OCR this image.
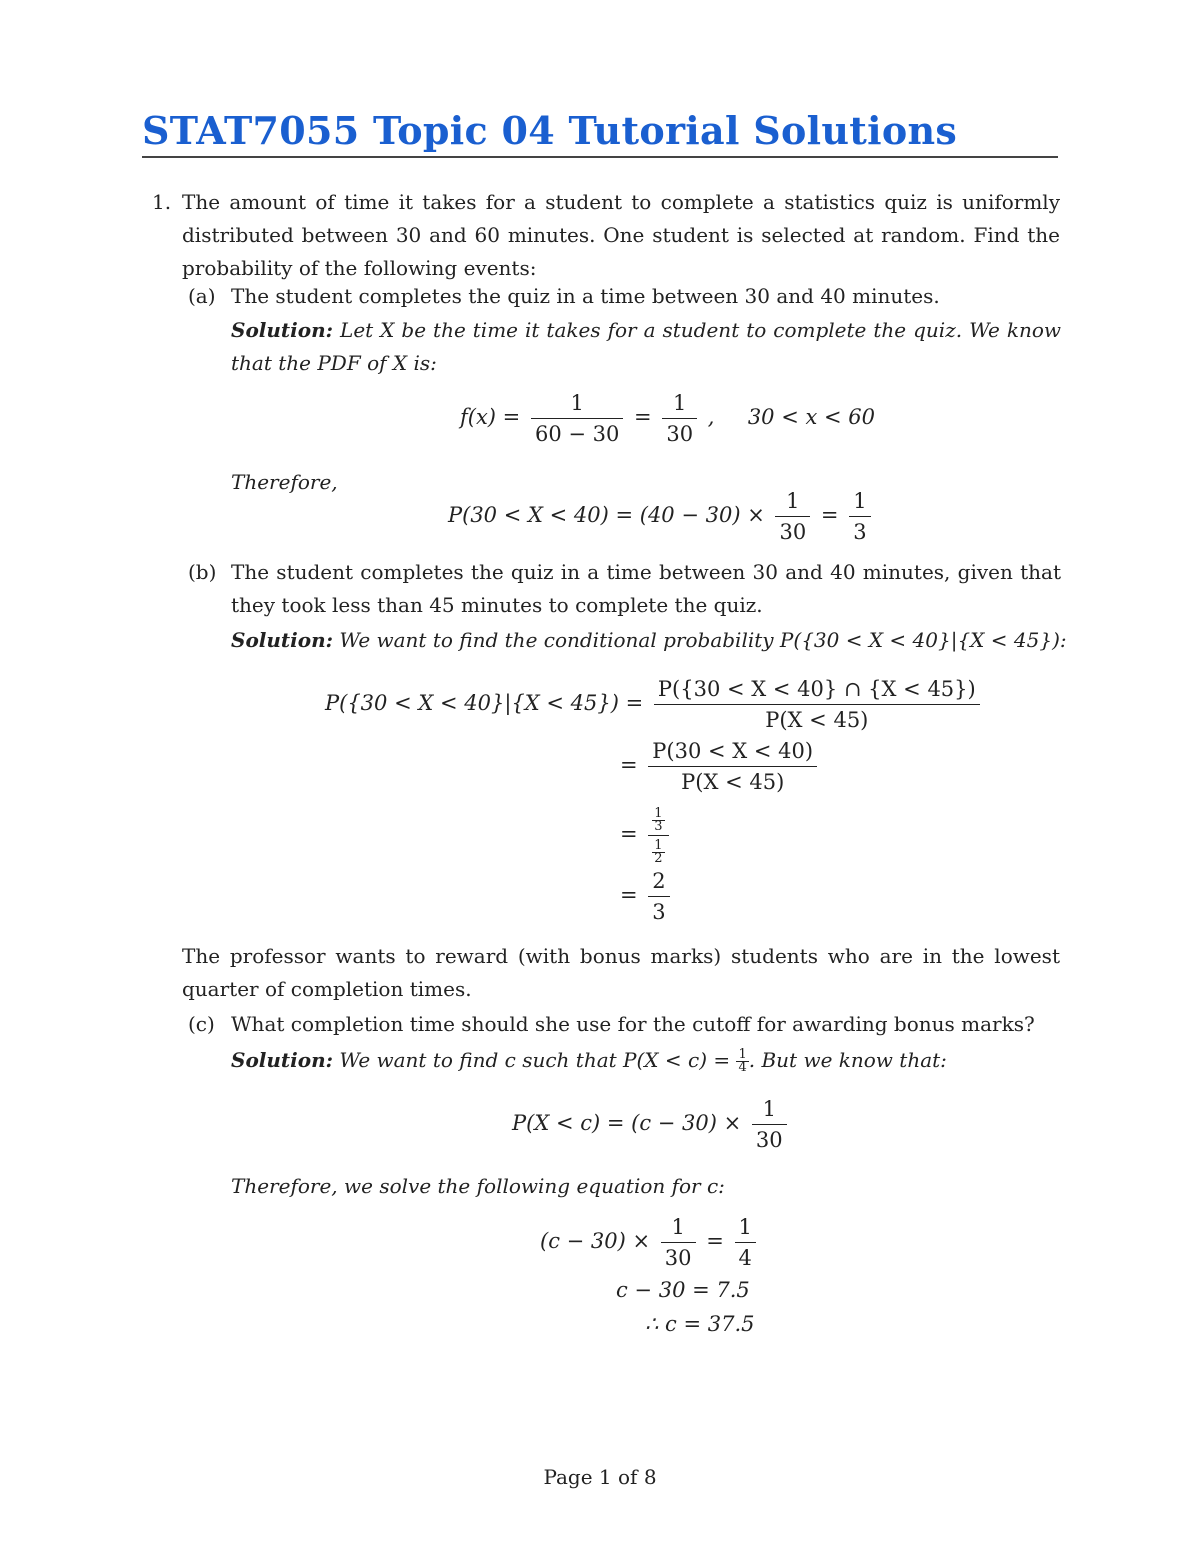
STAT7055 Topic 04 Tutorial Solutions
1. The amount of time it takes for a student to complete a statistics quiz is uniformly distributed between 30 and 60 minutes. One student is selected at random. Find the probability of the following events:
(a) The student completes the quiz in a time between 30 and 40 minutes.
Solution: Let X be the time it takes for a student to complete the quiz. We know that the PDF of X is:
$f(x) = \frac{1}{60 - 30} = \frac{1}{30}$ ,     30 < x < 60
Therefore,
$P(30 < X < 40) = (40 - 30) \times \frac{1}{30} = \frac{1}{3}$
(b) The student completes the quiz in a time between 30 and 40 minutes, given that they took less than 45 minutes to complete the quiz.
Solution: We want to find the conditional probability P({30 < X < 40}|{X < 45}):
$P(\{30 < X < 40\}|\{X < 45\}) = \frac{P(\{30 < X < 40\} \cap \{X < 45\})}{P(X < 45)}$
= $\frac{P(30 < X < 40)}{P(X < 45)}$
= $\frac{\frac{1}{3}}{\frac{1}{2}}$
= $\frac{2}{3}$
The professor wants to reward (with bonus marks) students who are in the lowest quarter of completion times.
(c) What completion time should she use for the cutoff for awarding bonus marks?
Solution: We want to find c such that $P(X < c) = \frac{1}{4}$ . But we know that:
$P(X < c) = (c - 30) \times \frac{1}{30}$
Therefore, we solve the following equation for c:
$(c - 30) \times \frac{1}{30} = \frac{1}{4}$
c − 30 = 7.5
∴ c = 37.5
Page 1 of 8
